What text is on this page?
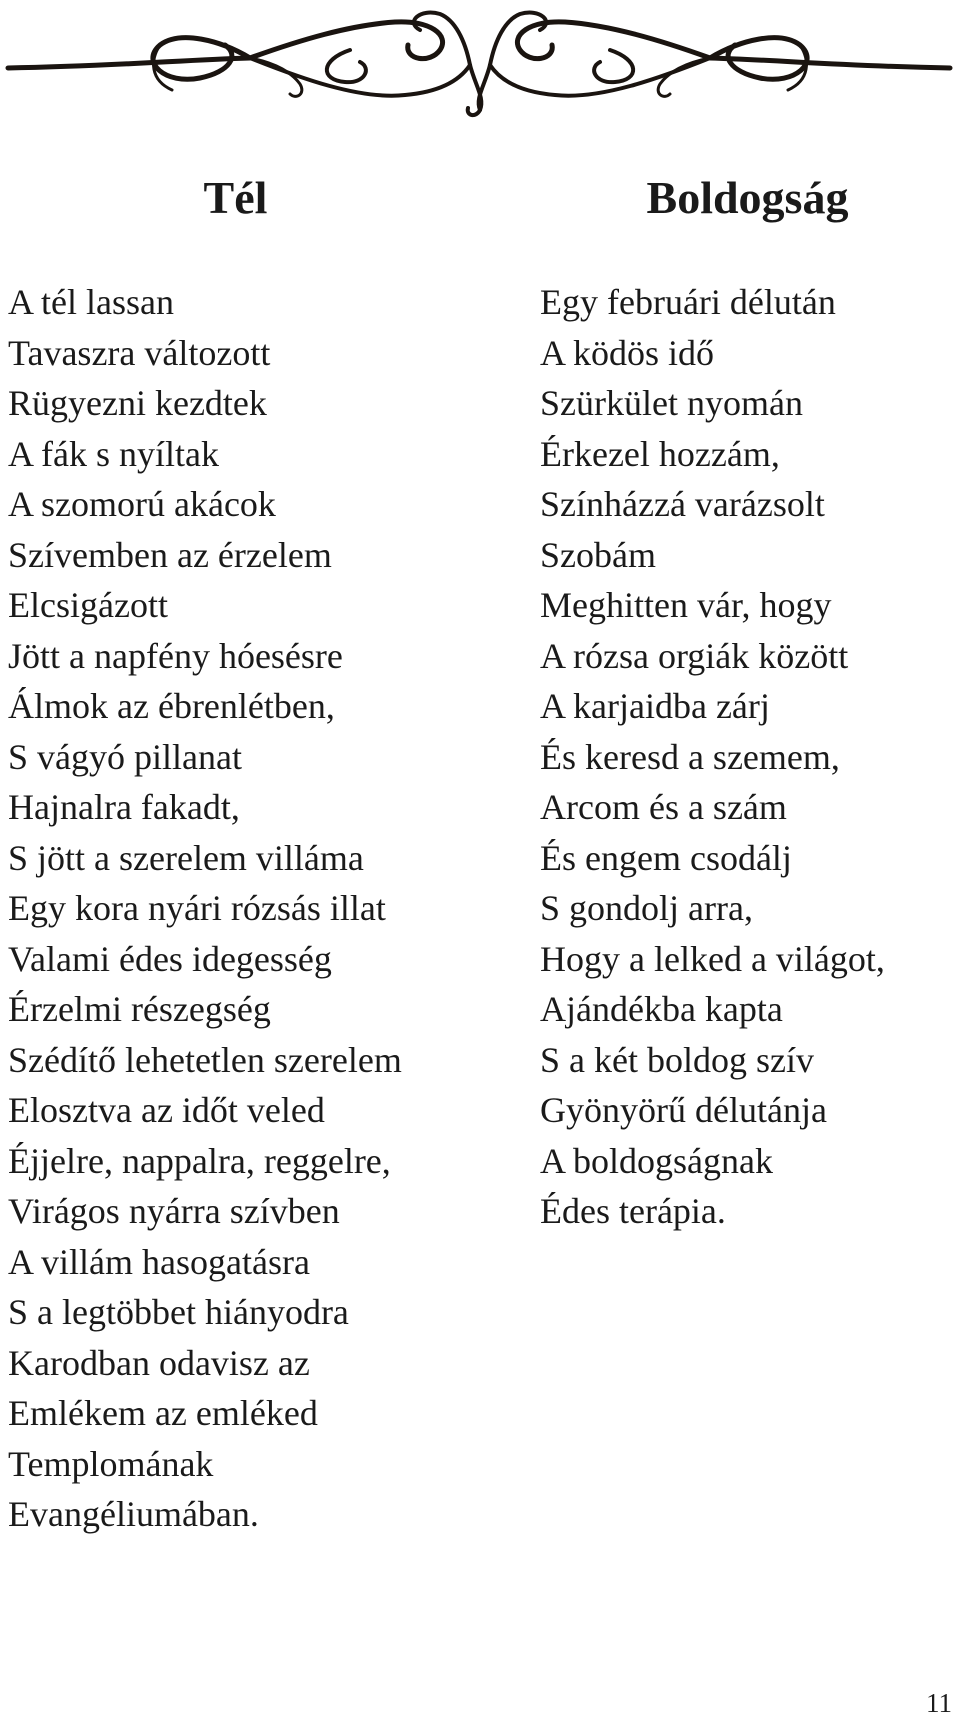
Tél
A tél lassan
Tavaszra változott
Rügyezni kezdtek
A fák s nyíltak
A szomorú akácok
Szívemben az érzelem
Elcsigázott
Jött a napfény hóesésre
Álmok az ébrenlétben,
S vágyó pillanat
Hajnalra fakadt,
S jött a szerelem villáma
Egy kora nyári rózsás illat
Valami édes idegesség
Érzelmi részegség
Szédítő lehetetlen szerelem
Elosztva az időt veled
Éjjelre, nappalra, reggelre,
Virágos nyárra szívben
A villám hasogatásra
S a legtöbbet hiányodra
Karodban odavisz az
Emlékem az emléked
Templomának
Evangéliumában.
Boldogság
Egy februári délután
A ködös idő
Szürkület nyomán
Érkezel hozzám,
Színházzá varázsolt
Szobám
Meghitten vár, hogy
A rózsa orgiák között
A karjaidba zárj
És keresd a szemem,
Arcom és a szám
És engem csodálj
S gondolj arra,
Hogy a lelked a világot,
Ajándékba kapta
S a két boldog szív
Gyönyörű délutánja
A boldogságnak
Édes terápia.
11
